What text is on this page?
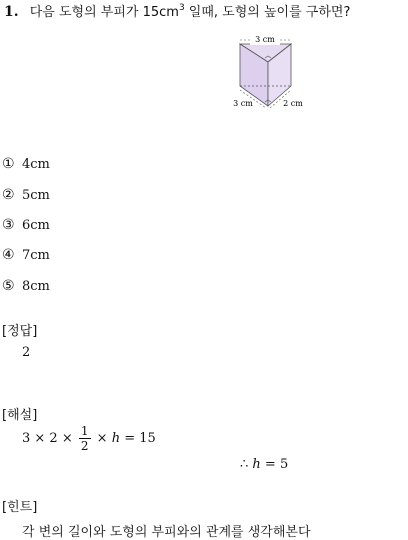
1. 다음 도형의 부피가 $15cm^3$ 일때, 도형의 높이를 구하면?
3 cm
3 cm	2 cm
① 4cm
② 5cm
③ 6cm
④ 7cm
⑤ 8cm
[정답]
2
[해설]
$3 \times 2 \times \frac{1}{2} \times h = 15$
∴ h = 5
[힌트]
각 변의 길이와 도형의 부피와의 관계를 생각해본다
